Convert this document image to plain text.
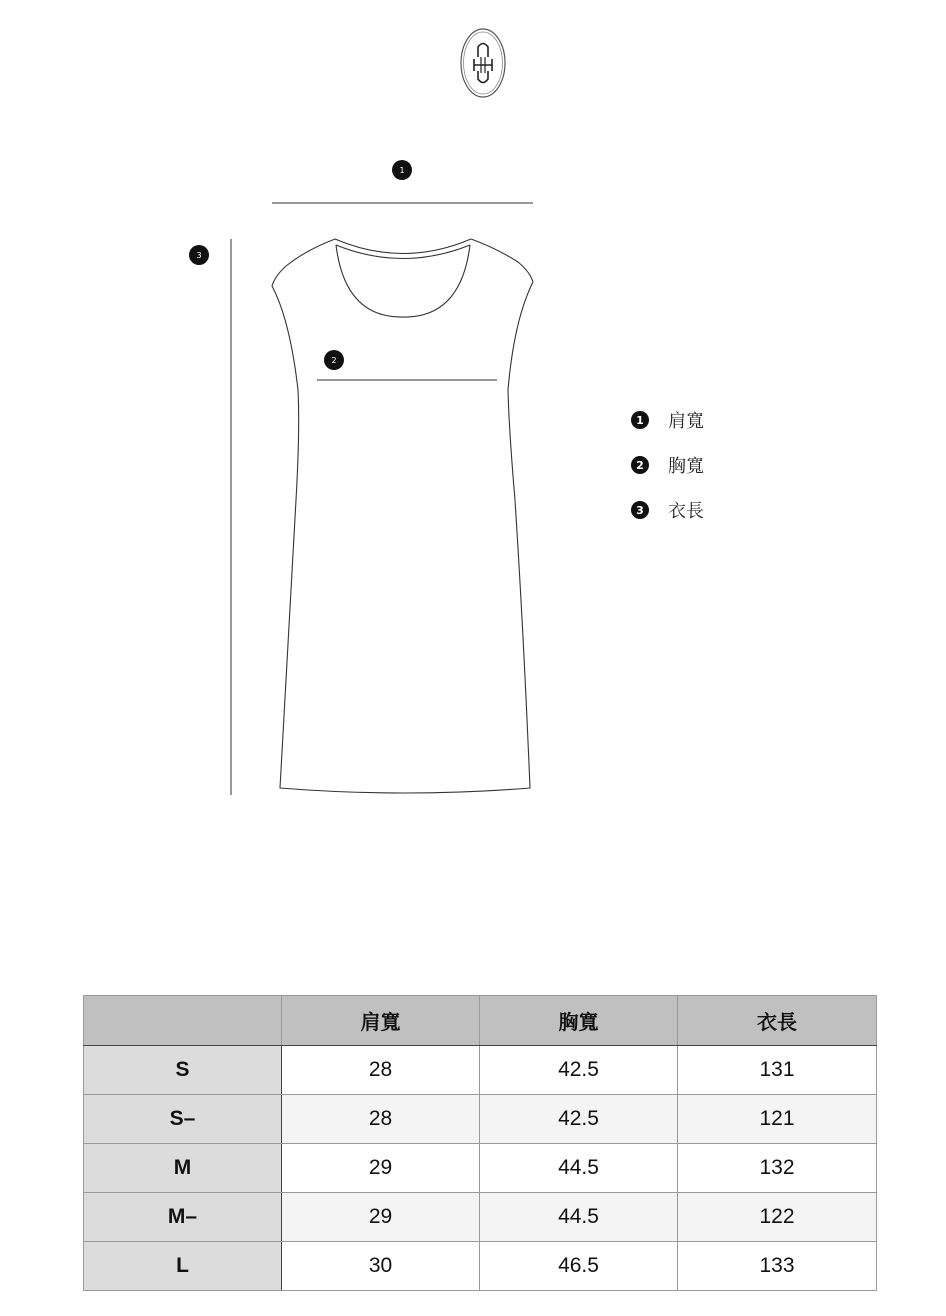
1
3
2
1 肩寬
2 胸寬
3 衣長
	肩寬	胸寬	衣長
S	28	42.5	131
S–	28	42.5	121
M	29	44.5	132
M–	29	44.5	122
L	30	46.5	133
